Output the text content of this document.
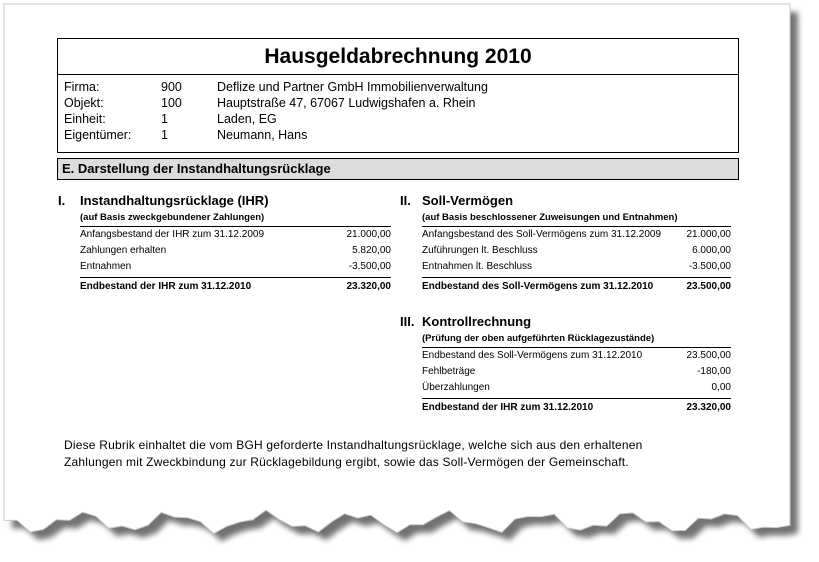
Hausgeldabrechnung 2010
Firma:	900	Deflize und Partner GmbH Immobilienverwaltung
Objekt:	100	Hauptstraße 47, 67067 Ludwigshafen a. Rhein
Einheit:	1	Laden, EG
Eigentümer: 1	Neumann, Hans
E. Darstellung der Instandhaltungsrücklage
I. Instandhaltungsrücklage (IHR)
(auf Basis zweckgebundener Zahlungen)
Anfangsbestand der IHR zum 31.12.2009	21.000,00
Zahlungen erhalten	5.820,00
Entnahmen	-3.500,00
Endbestand der IHR zum 31.12.2010	23.320,00
II. Soll-Vermögen
(auf Basis beschlossener Zuweisungen und Entnahmen)
Anfangsbestand des Soll-Vermögens zum 31.12.2009	21.000,00
Zuführungen lt. Beschluss	6.000,00
Entnahmen lt. Beschluss	-3.500,00
Endbestand des Soll-Vermögens zum 31.12.2010	23.500,00
III. Kontrollrechnung
(Prüfung der oben aufgeführten Rücklagezustände)
Endbestand des Soll-Vermögens zum 31.12.2010	23.500,00
Fehlbeträge	-180,00
Überzahlungen	0,00
Endbestand der IHR zum 31.12.2010	23.320,00
Diese Rubrik einhaltet die vom BGH geforderte Instandhaltungsrücklage, welche sich aus den erhaltenen
Zahlungen mit Zweckbindung zur Rücklagebildung ergibt, sowie das Soll-Vermögen der Gemeinschaft.
